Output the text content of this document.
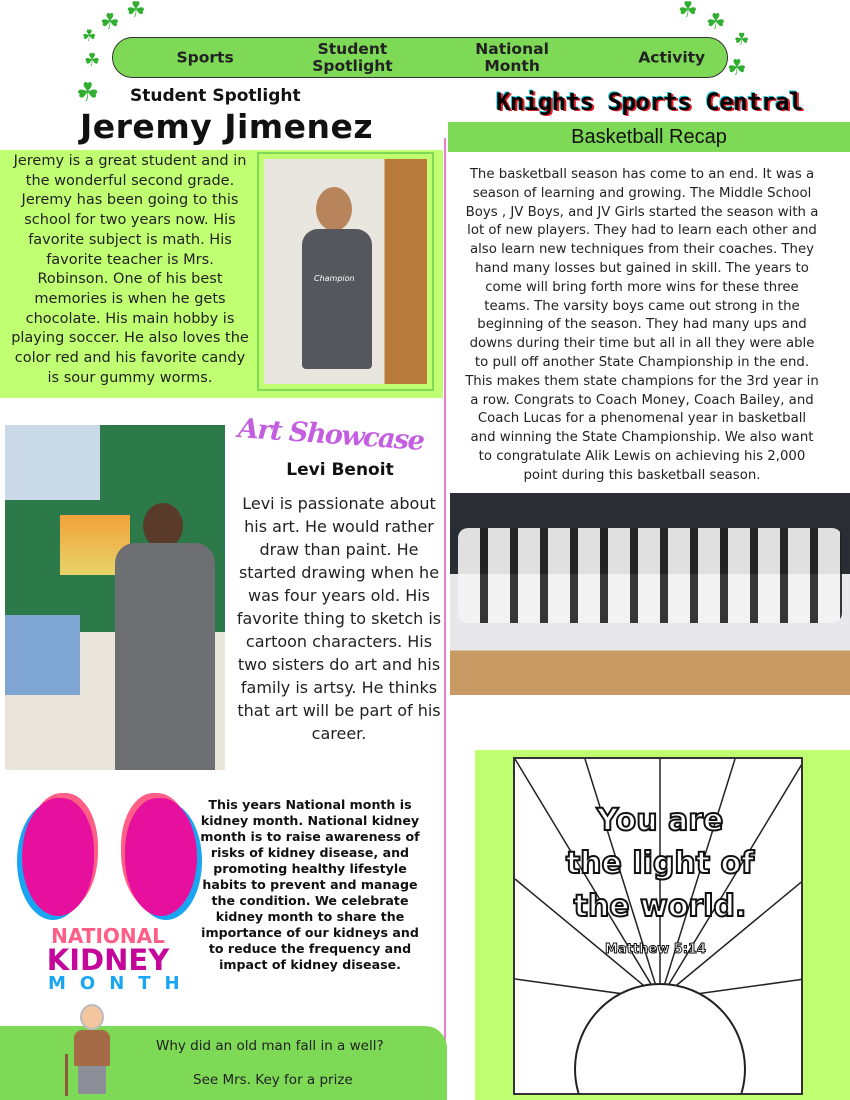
☘ ☘
☘
☘
☘
☘ ☘
☘
☘
Sports	Student Spotlight
National Month	Activity
Student Spotlight
Jeremy Jimenez
Jeremy is a great student and in the wonderful second grade. Jeremy has been going to this school for two years now. His favorite subject is math. His favorite teacher is Mrs. Robinson. One of his best memories is when he gets chocolate. His main hobby is playing soccer. He also loves the color red and his favorite candy is sour gummy worms.
Champion
Knights Sports Central
Basketball Recap
The basketball season has come to an end. It was a season of learning and growing. The Middle School Boys , JV Boys, and JV Girls started the season with a lot of new players. They had to learn each other and also learn new techniques from their coaches. They hand many losses but gained in skill. The years to come will bring forth more wins for these three teams. The varsity boys came out strong in the beginning of the season. They had many ups and downs during their time but all in all they were able to pull off another State Championship in the end. This makes them state champions for the 3rd year in a row. Congrats to Coach Money, Coach Bailey, and Coach Lucas for a phenomenal year in basketball and winning the State Championship. We also want to congratulate Alik Lewis on achieving his 2,000 point during this basketball season.
Art Showcase
Levi Benoit
Levi is passionate about his art. He would rather draw than paint. He started drawing when he was four years old. His favorite thing to sketch is cartoon characters. His two sisters do art and his family is artsy. He thinks that art will be part of his career.
NATIONAL
KIDNEY
MONTH
This years National month is kidney month. National kidney month is to raise awareness of risks of kidney disease, and promoting healthy lifestyle habits to prevent and manage the condition. We celebrate kidney month to share the importance of our kidneys and to reduce the frequency and impact of kidney disease.
Why did an old man fall in a well?
See Mrs. Key for a prize
You are
the light of
the world.
Matthew 5:14
